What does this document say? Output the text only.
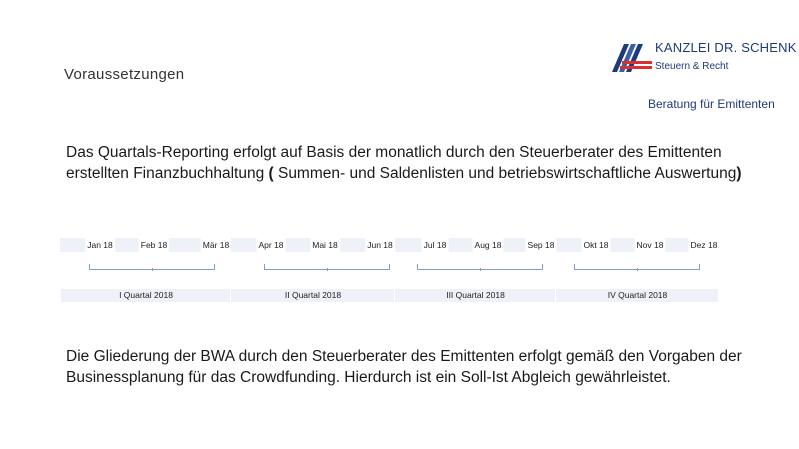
Voraussetzungen
KANZLEI DR. SCHENK
Steuern & Recht
Beratung für Emittenten
Das Quartals-Reporting erfolgt auf Basis der monatlich durch den Steuerberater des Emittenten
erstellten Finanzbuchhaltung ( Summen- und Saldenlisten und betriebswirtschaftliche Auswertung)
Jan 18	Feb 18	Mär 18	Apr 18	Mai 18	Jun 18	Jul 18	Aug 18	Sep 18	Okt 18	Nov 18	Dez 18
I Quartal 2018	II Quartal 2018	III Quartal 2018	IV Quartal 2018
Die Gliederung der BWA durch den Steuerberater des Emittenten erfolgt gemäß den Vorgaben der
Businessplanung für das Crowdfunding. Hierdurch ist ein Soll-Ist Abgleich gewährleistet.
